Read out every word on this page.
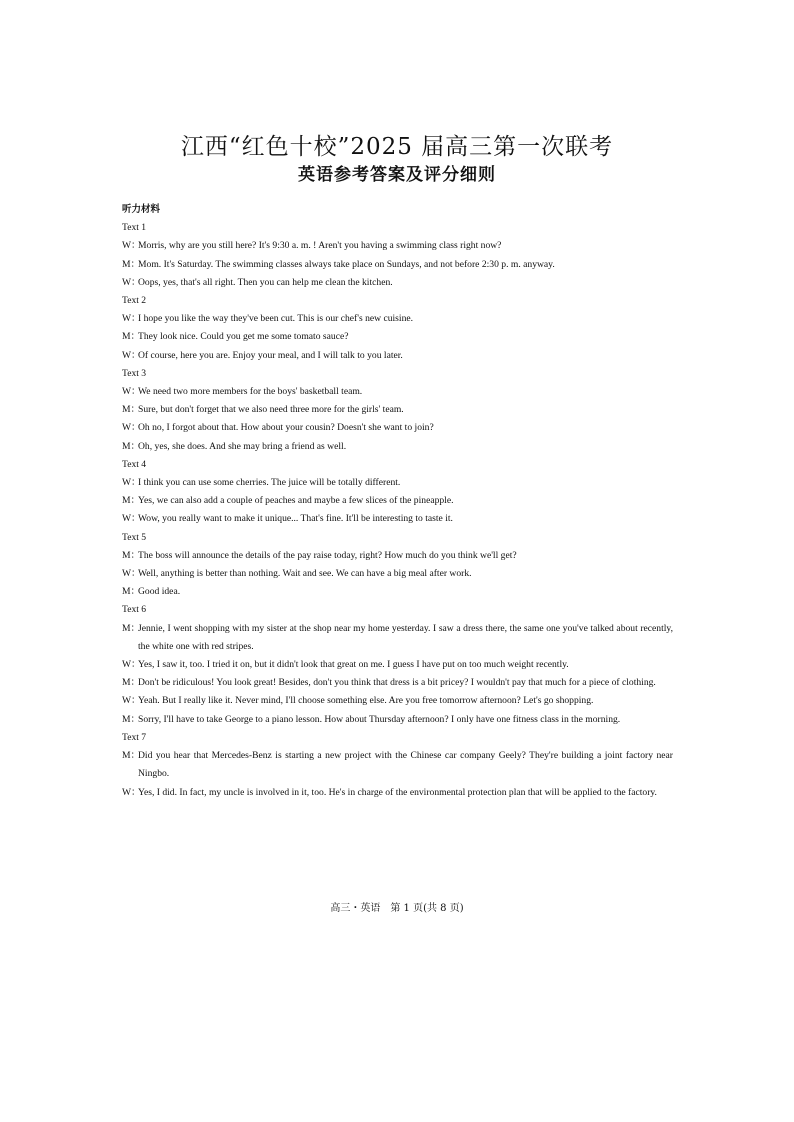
江西“红色十校”2025 届高三第一次联考
英语参考答案及评分细则
听力材料
Text 1
W：Morris, why are you still here? It's 9:30 a. m. ! Aren't you having a swimming class right now?
M：Mom. It's Saturday. The swimming classes always take place on Sundays, and not before 2:30 p. m. anyway.
W：Oops, yes, that's all right. Then you can help me clean the kitchen.
Text 2
W：I hope you like the way they've been cut. This is our chef's new cuisine.
M：They look nice. Could you get me some tomato sauce?
W：Of course, here you are. Enjoy your meal, and I will talk to you later.
Text 3
W：We need two more members for the boys' basketball team.
M：Sure, but don't forget that we also need three more for the girls' team.
W：Oh no, I forgot about that. How about your cousin? Doesn't she want to join?
M：Oh, yes, she does. And she may bring a friend as well.
Text 4
W：I think you can use some cherries. The juice will be totally different.
M：Yes, we can also add a couple of peaches and maybe a few slices of the pineapple.
W：Wow, you really want to make it unique... That's fine. It'll be interesting to taste it.
Text 5
M：The boss will announce the details of the pay raise today, right? How much do you think we'll get?
W：Well, anything is better than nothing. Wait and see. We can have a big meal after work.
M：Good idea.
Text 6
M：Jennie, I went shopping with my sister at the shop near my home yesterday. I saw a dress there, the same one you've talked about recently, the white one with red stripes.
W：Yes, I saw it, too. I tried it on, but it didn't look that great on me. I guess I have put on too much weight recently.
M：Don't be ridiculous! You look great! Besides, don't you think that dress is a bit pricey? I wouldn't pay that much for a piece of clothing.
W：Yeah. But I really like it. Never mind, I'll choose something else. Are you free tomorrow afternoon? Let's go shopping.
M：Sorry, I'll have to take George to a piano lesson. How about Thursday afternoon? I only have one fitness class in the morning.
Text 7
M：Did you hear that Mercedes-Benz is starting a new project with the Chinese car company Geely? They're building a joint factory near Ningbo.
W：Yes, I did. In fact, my uncle is involved in it, too. He's in charge of the environmental protection plan that will be applied to the factory.
高三・英语　第 1 页(共 8 页)
